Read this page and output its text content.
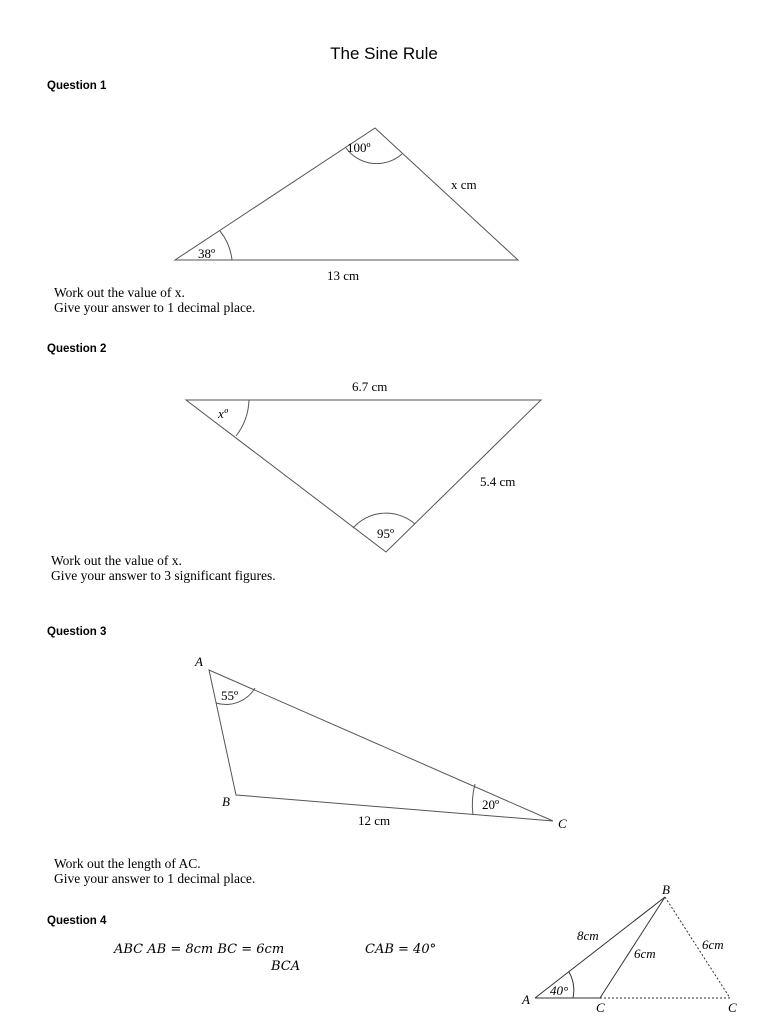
The Sine Rule
Question 1
100º
38º
x cm
13 cm
Work out the value of x.
Give your answer to 1 decimal place.
Question 2
6.7 cm
xº
5.4 cm
95º
Work out the value of x.
Give your answer to 3 significant figures.
Question 3
A
B
C
55º
20º
12 cm
Work out the length of AC.
Give your answer to 1 decimal place.
Question 4
ABC AB = 8cm BC = 6cm	CAB = 40°
BCA
A
B
C	C
8cm
6cm
6cm
40°
